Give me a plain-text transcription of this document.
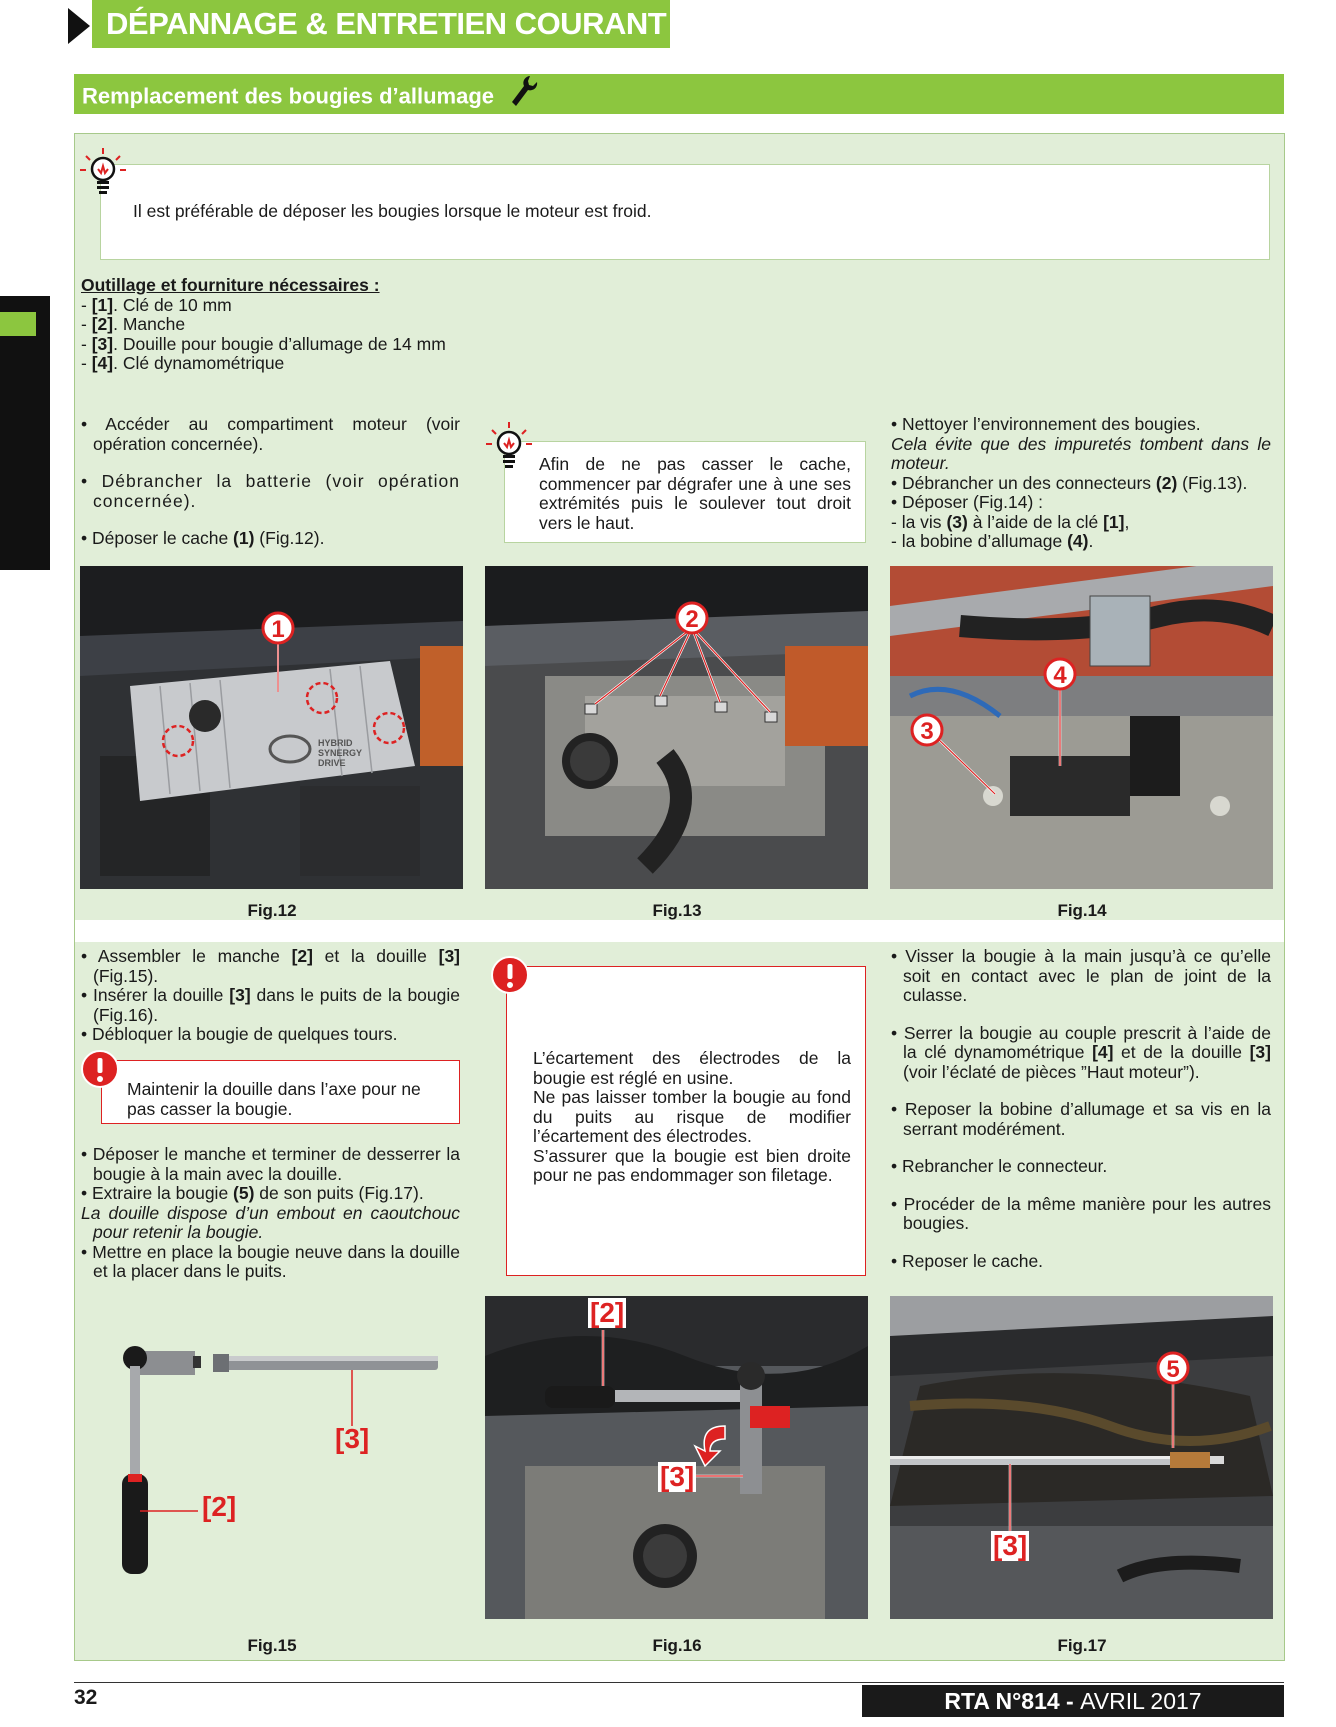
DÉPANNAGE & ENTRETIEN COURANT
Remplacement des bougies d’allumage
Il est préférable de déposer les bougies lorsque le moteur est froid.
Outillage et fourniture nécessaires :
- [1]. Clé de 10 mm
- [2]. Manche
- [3]. Douille pour bougie d’allumage de 14 mm
- [4]. Clé dynamométrique
• Accéder au compartiment moteur (voir opération concernée).
• Débrancher la batterie (voir opération concernée).
• Déposer le cache (1) (Fig.12).
Afin de ne pas casser le cache, commencer par dégrafer une à une ses extrémités puis le soulever tout droit vers le haut.
• Nettoyer l’environnement des bougies.
Cela évite que des impuretés tombent dans le moteur.
• Débrancher un des connecteurs (2) (Fig.13).
• Déposer (Fig.14) :
- la vis (3) à l’aide de la clé [1],
- la bobine d’allumage (4).
HYBRID
SYNERGY
DRIVE
1
Fig.12
2
Fig.13
4
3
Fig.14
• Assembler le manche [2] et la douille [3] (Fig.15).
• Insérer la douille [3] dans le puits de la bougie (Fig.16).
• Débloquer la bougie de quelques tours.
Maintenir la douille dans l’axe pour ne pas casser la bougie.
• Déposer le manche et terminer de desserrer la bougie à la main avec la douille.
• Extraire la bougie (5) de son puits (Fig.17).
La douille dispose d’un embout en caoutchouc pour retenir la bougie.
• Mettre en place la bougie neuve dans la douille et la placer dans le puits.
L’écartement des électrodes de la bougie est réglé en usine.
Ne pas laisser tomber la bougie au fond du puits au risque de modifier l’écartement des électrodes.
S’assurer que la bougie est bien droite pour ne pas endommager son filetage.
• Visser la bougie à la main jusqu’à ce qu’elle soit en contact avec le plan de joint de la culasse.
• Serrer la bougie au couple prescrit à l’aide de la clé dynamométrique [4] et de la douille [3] (voir l’éclaté de pièces ”Haut moteur”).
• Reposer la bobine d’allumage et sa vis en la serrant modérément.
• Rebrancher le connecteur.
• Procéder de la même manière pour les autres bougies.
• Reposer le cache.
[3]
[2]
Fig.15
[2]
[3]
Fig.16
5
[3]
Fig.17
32	RTA N°814 - AVRIL 2017
